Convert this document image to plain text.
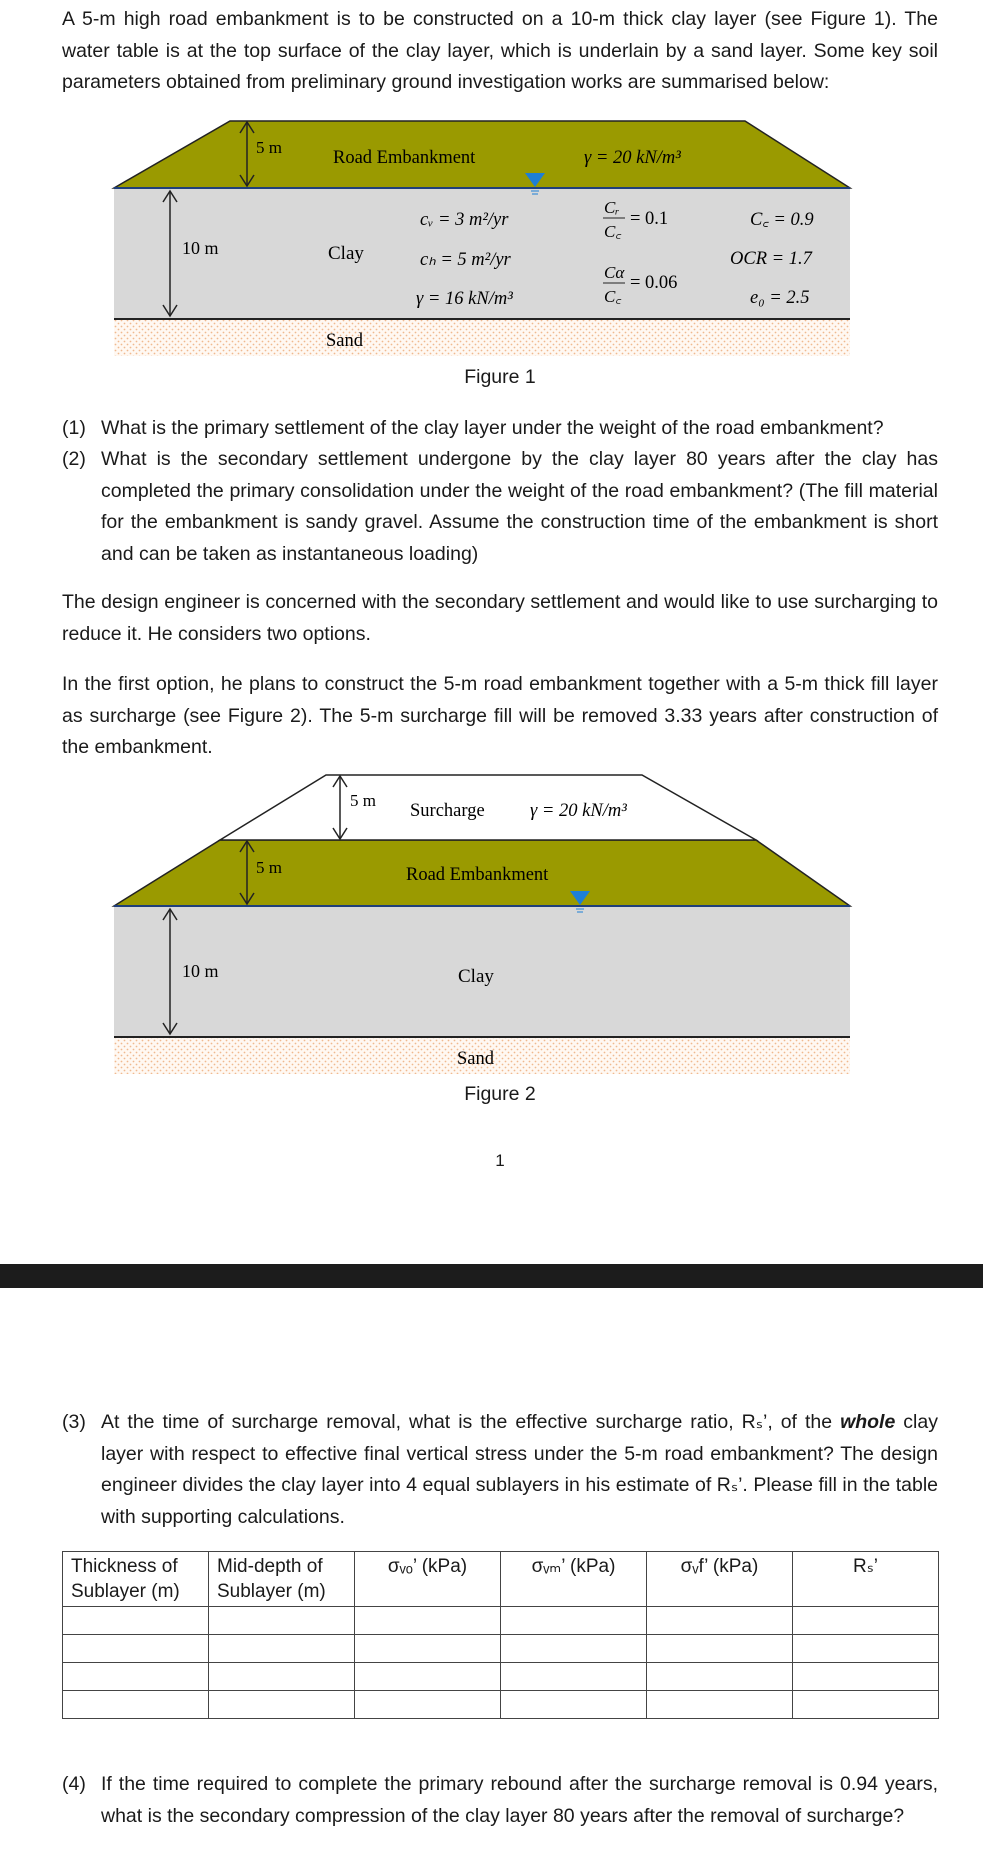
A 5-m high road embankment is to be constructed on a 10-m thick clay layer (see Figure 1). The water table is at the top surface of the clay layer, which is underlain by a sand layer. Some key soil parameters obtained from preliminary ground investigation works are summarised below:
5 m
Road Embankment	γ = 20 kN/m³
10 m	Clay
cᵥ = 3 m²/yr
cₕ = 5 m²/yr
γ = 16 kN/m³
Cᵣ
C꜀
= 0.1
Cα
C꜀
= 0.06
C꜀ = 0.9
OCR = 1.7
e₀ = 2.5
Sand
Figure 1
(1) What is the primary settlement of the clay layer under the weight of the road embankment?
(2) What is the secondary settlement undergone by the clay layer 80 years after the clay has completed the primary consolidation under the weight of the road embankment? (The fill material for the embankment is sandy gravel. Assume the construction time of the embankment is short and can be taken as instantaneous loading)
The design engineer is concerned with the secondary settlement and would like to use surcharging to reduce it. He considers two options.
In the first option, he plans to construct the 5-m road embankment together with a 5-m thick fill layer as surcharge (see Figure 2). The 5-m surcharge fill will be removed 3.33 years after construction of the embankment.
5 m
Surcharge γ = 20 kN/m³
5 m	Road Embankment
10 m	Clay
Sand
Figure 2
1
(3) At the time of surcharge removal, what is the effective surcharge ratio, Rₛ’, of the whole clay layer with respect to effective final vertical stress under the 5-m road embankment? The design engineer divides the clay layer into 4 equal sublayers in his estimate of Rₛ’. Please fill in the table with supporting calculations.
Thickness of Sublayer (m)	Mid-depth of Sublayer (m)	σᵥₒ’ (kPa)	σᵥₘ’ (kPa)	σᵥf’ (kPa)	Rₛ’

(4) If the time required to complete the primary rebound after the surcharge removal is 0.94 years, what is the secondary compression of the clay layer 80 years after the removal of surcharge?
